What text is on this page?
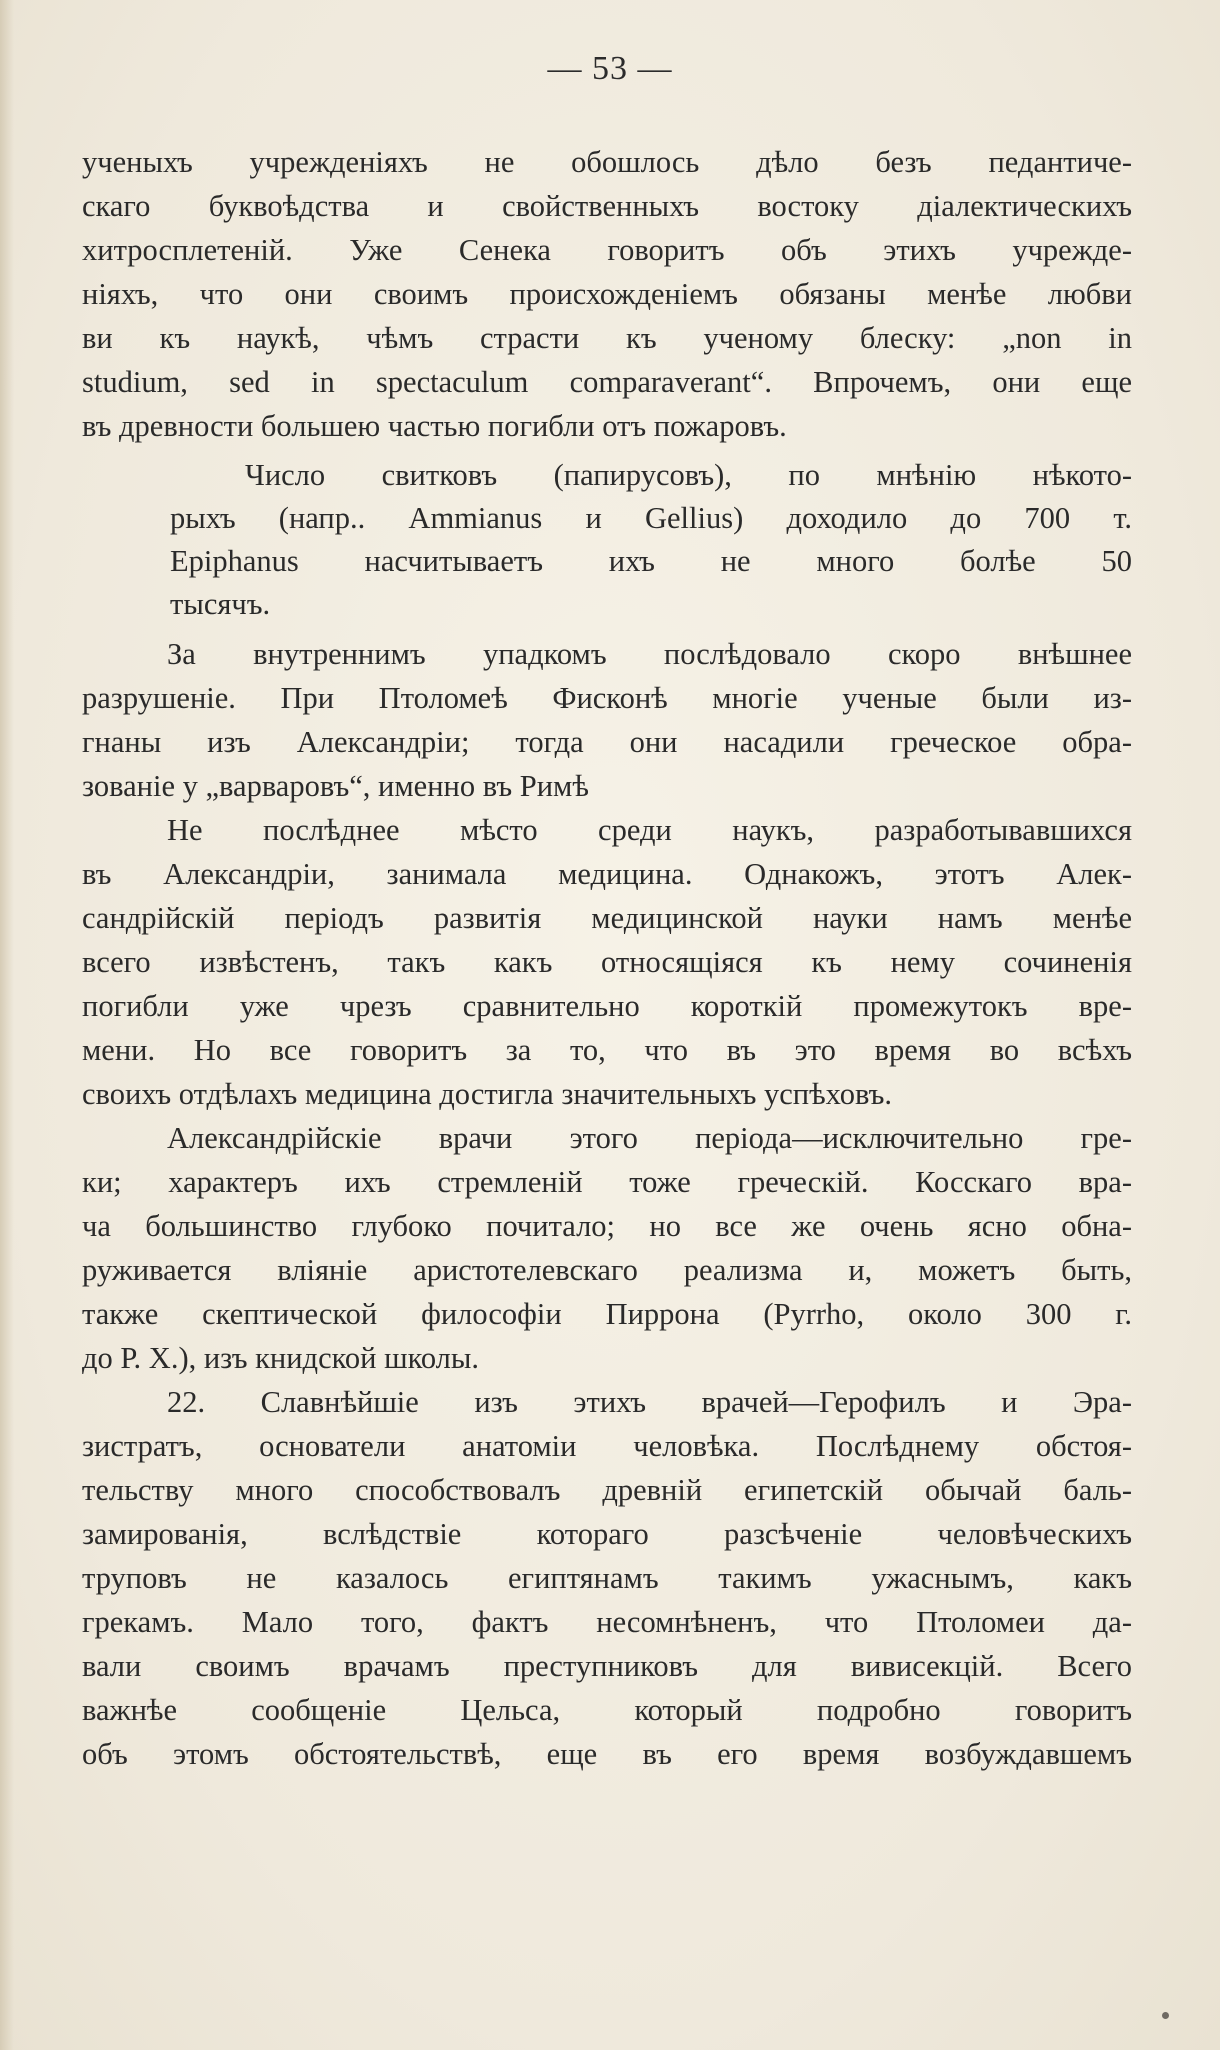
— 53 —
ученыхъ учрежденіяхъ не обошлось дѣло безъ педантиче-
скаго буквоѣдства и свойственныхъ востоку діалектическихъ
хитросплетеній. Уже Сенека говоритъ объ этихъ учрежде-
ніяхъ, что они своимъ происхожденіемъ обязаны менѣе любви
ви къ наукѣ, чѣмъ страсти къ ученому блеску: „non in
studium, sed in spectaculum comparaverant“. Впрочемъ, они еще
въ древности большею частью погибли отъ пожаровъ.
Число свитковъ (папирусовъ), по мнѣнію нѣкото-
рыхъ (напр.. Ammianus и Gellius) доходило до 700 т.
Epiphanus насчитываетъ ихъ не много болѣе 50
тысячъ.
За внутреннимъ упадкомъ послѣдовало скоро внѣшнее
разрушеніе. При Птоломеѣ Фисконѣ многіе ученые были из-
гнаны изъ Александріи; тогда они насадили греческое обра-
зованіе у „варваровъ“, именно въ Римѣ
Не послѣднее мѣсто среди наукъ, разработывавшихся
въ Александріи, занимала медицина. Однакожъ, этотъ Алек-
сандрійскій періодъ развитія медицинской науки намъ менѣе
всего извѣстенъ, такъ какъ относящіяся къ нему сочиненія
погибли уже чрезъ сравнительно короткій промежутокъ вре-
мени. Но все говоритъ за то, что въ это время во всѣхъ
своихъ отдѣлахъ медицина достигла значительныхъ успѣховъ.
Александрійскіе врачи этого періода—исключительно гре-
ки; характеръ ихъ стремленій тоже греческій. Косскаго вра-
ча большинство глубоко почитало; но все же очень ясно обна-
руживается вліяніе аристотелевскаго реализма и, можетъ быть,
также скептической философіи Пиррона (Pyrrho, около 300 г.
до Р. Х.), изъ книдской школы.
22. Славнѣйшіе изъ этихъ врачей—Герофилъ и Эра-
зистратъ, основатели анатоміи человѣка. Послѣднему обстоя-
тельству много способствовалъ древній египетскій обычай баль-
замированія, вслѣдствіе котораго разсѣченіе человѣческихъ
труповъ не казалось египтянамъ такимъ ужаснымъ, какъ
грекамъ. Мало того, фактъ несомнѣненъ, что Птоломеи да-
вали своимъ врачамъ преступниковъ для вивисекцій. Всего
важнѣе сообщеніе Цельса, который подробно говоритъ
объ этомъ обстоятельствѣ, еще въ его время возбуждавшемъ
